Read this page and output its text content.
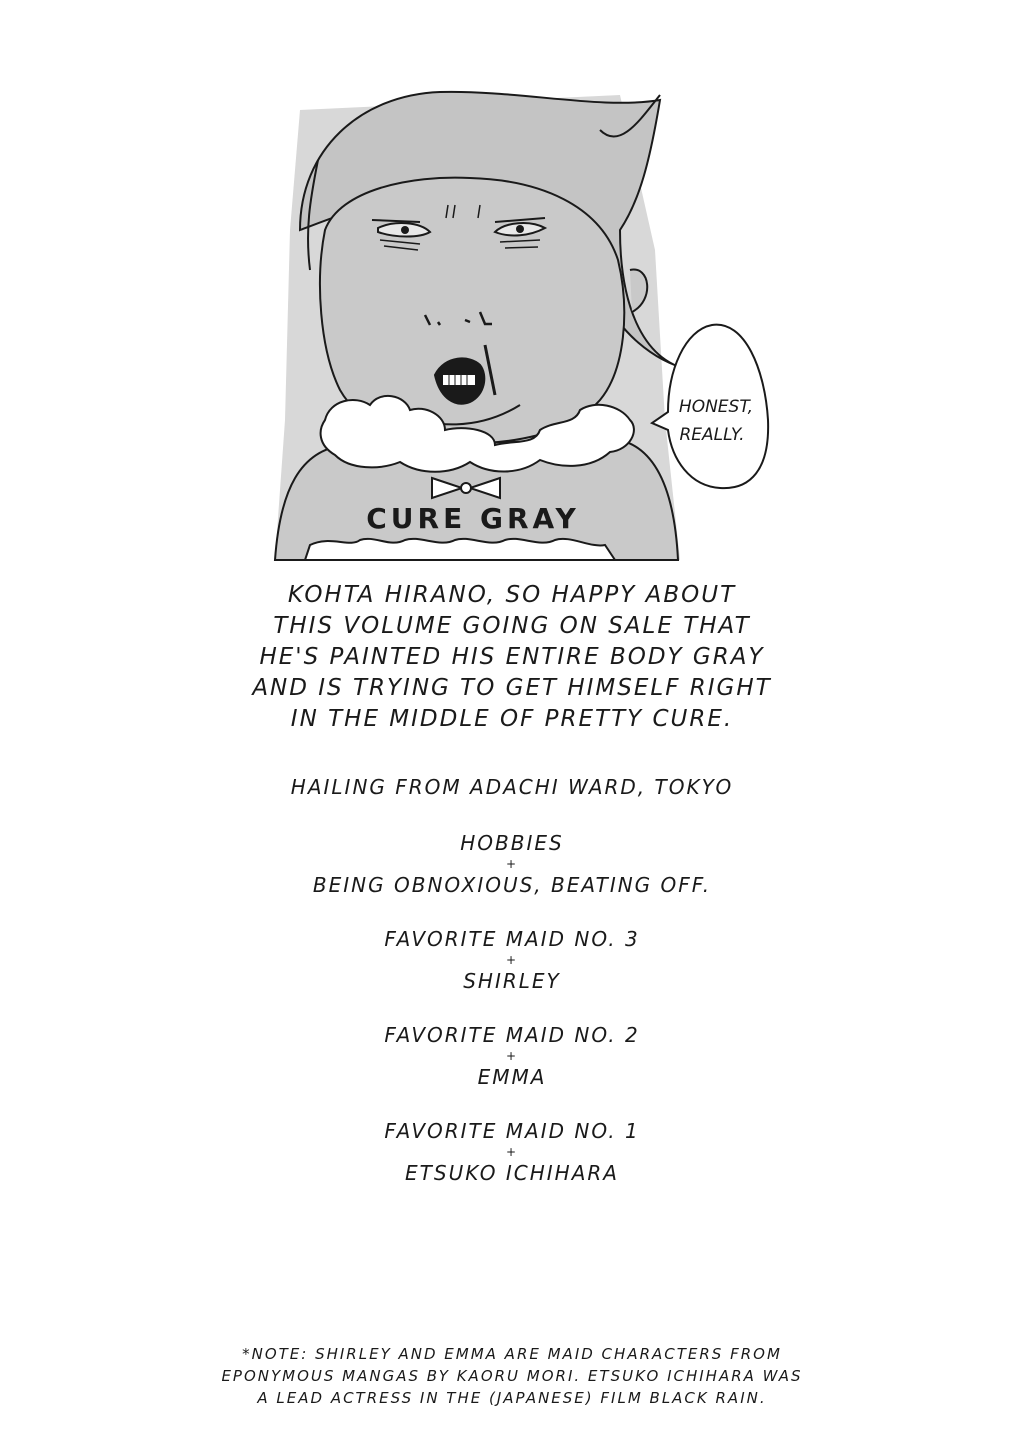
CURE GRAY
HONEST,
REALLY.
KOHTA HIRANO, SO HAPPY ABOUT
THIS VOLUME GOING ON SALE THAT
HE'S PAINTED HIS ENTIRE BODY GRAY
AND IS TRYING TO GET HIMSELF RIGHT
IN THE MIDDLE OF PRETTY CURE.
HAILING FROM ADACHI WARD, TOKYO
HOBBIES
+
BEING OBNOXIOUS, BEATING OFF.
FAVORITE MAID NO. 3
+
SHIRLEY
FAVORITE MAID NO. 2
+
EMMA
FAVORITE MAID NO. 1
+
ETSUKO ICHIHARA
*NOTE: SHIRLEY AND EMMA ARE MAID CHARACTERS FROM
EPONYMOUS MANGAS BY KAORU MORI. ETSUKO ICHIHARA WAS
A LEAD ACTRESS IN THE (JAPANESE) FILM BLACK RAIN.
